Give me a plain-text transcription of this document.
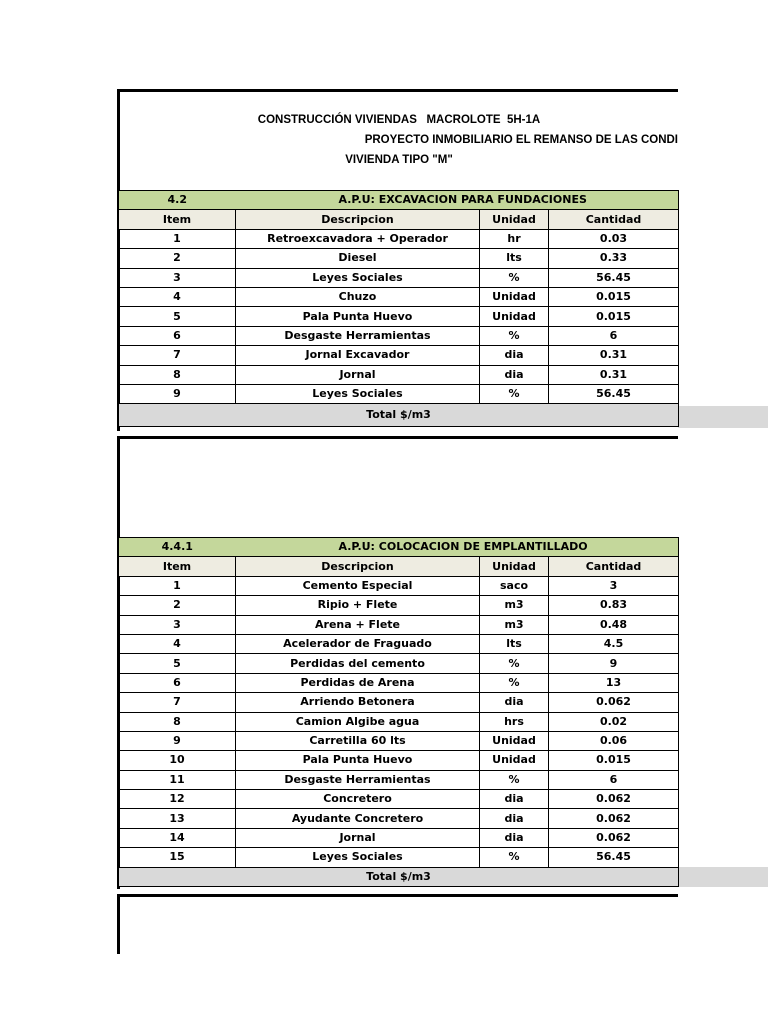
CONSTRUCCIÓN VIVIENDAS   MACROLOTE  5H-1A
PROYECTO INMOBILIARIO EL REMANSO DE LAS CONDI
VIVIENDA TIPO "M"
4.2	A.P.U: EXCAVACION PARA FUNDACIONES		
Item	Descripcion	Unidad	Cantidad
1	Retroexcavadora + Operador	hr	0.03
2	Diesel	lts	0.33
3	Leyes Sociales	%	56.45
4	Chuzo	Unidad	0.015
5	Pala Punta Huevo	Unidad	0.015
6	Desgaste Herramientas	%	6
7	Jornal Excavador	dia	0.31
8	Jornal	dia	0.31
9	Leyes Sociales	%	56.45
Total $/m3			
4.4.1	A.P.U: COLOCACION DE EMPLANTILLADO		
Item	Descripcion	Unidad	Cantidad
1	Cemento Especial	saco	3
2	Ripio + Flete	m3	0.83
3	Arena + Flete	m3	0.48
4	Acelerador de Fraguado	lts	4.5
5	Perdidas del cemento	%	9
6	Perdidas de Arena	%	13
7	Arriendo Betonera	dia	0.062
8	Camion Algibe agua	hrs	0.02
9	Carretilla 60 lts	Unidad	0.06
10	Pala Punta Huevo	Unidad	0.015
11	Desgaste Herramientas	%	6
12	Concretero	dia	0.062
13	Ayudante Concretero	dia	0.062
14	Jornal	dia	0.062
15	Leyes Sociales	%	56.45
Total $/m3			
